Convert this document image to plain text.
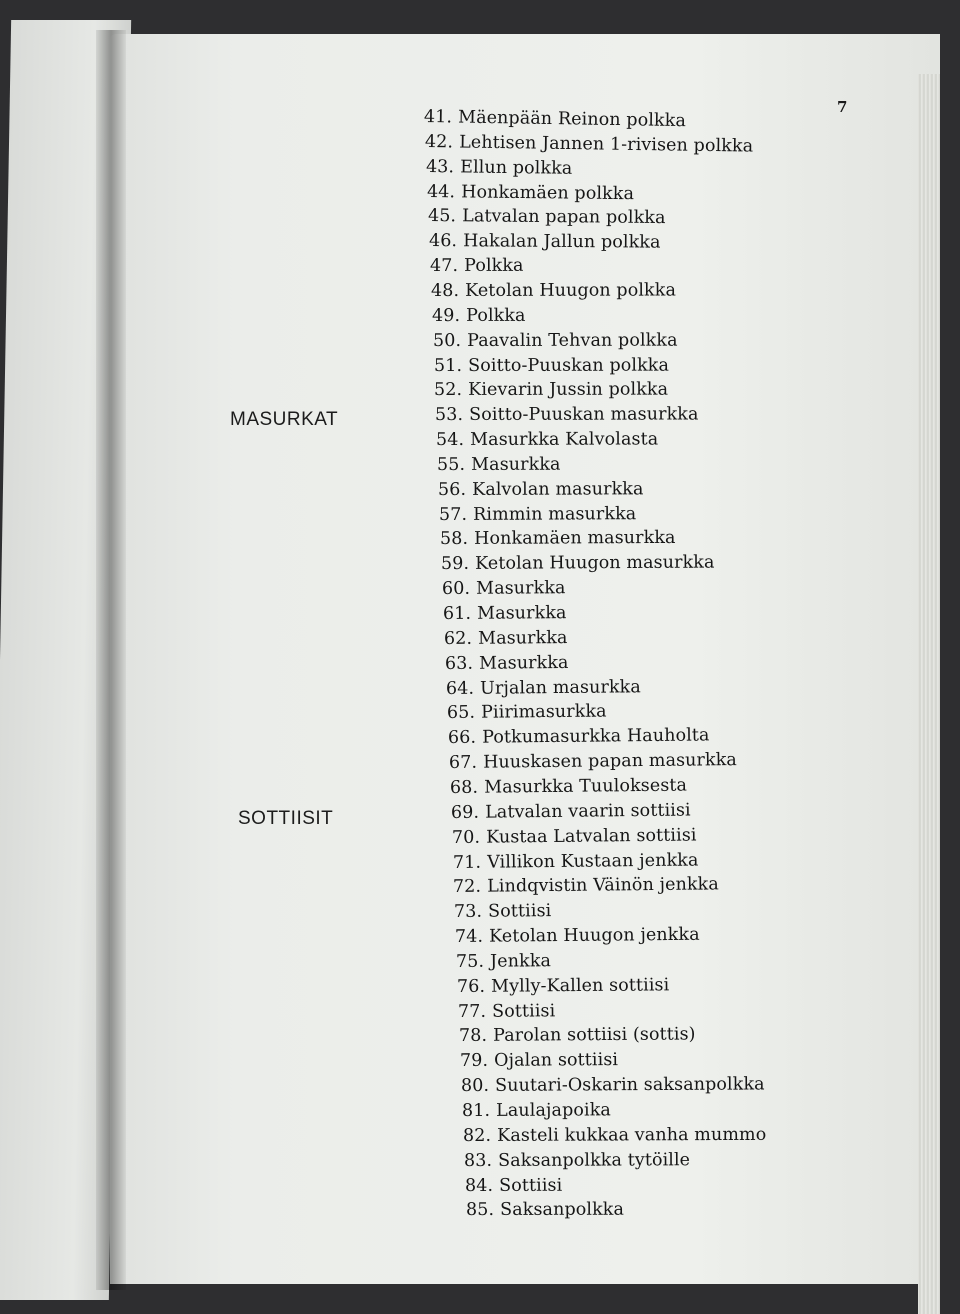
7
MASURKAT
SOTTIISIT
41. Mäenpään Reinon polkka
42. Lehtisen Jannen 1-rivisen polkka
43. Ellun polkka
44. Honkamäen polkka
45. Latvalan papan polkka
46. Hakalan Jallun polkka
47. Polkka
48. Ketolan Huugon polkka
49. Polkka
50. Paavalin Tehvan polkka
51. Soitto-Puuskan polkka
52. Kievarin Jussin polkka
53. Soitto-Puuskan masurkka
54. Masurkka Kalvolasta
55. Masurkka
56. Kalvolan masurkka
57. Rimmin masurkka
58. Honkamäen masurkka
59. Ketolan Huugon masurkka
60. Masurkka
61. Masurkka
62. Masurkka
63. Masurkka
64. Urjalan masurkka
65. Piirimasurkka
66. Potkumasurkka Hauholta
67. Huuskasen papan masurkka
68. Masurkka Tuuloksesta
69. Latvalan vaarin sottiisi
70. Kustaa Latvalan sottiisi
71. Villikon Kustaan jenkka
72. Lindqvistin Väinön jenkka
73. Sottiisi
74. Ketolan Huugon jenkka
75. Jenkka
76. Mylly-Kallen sottiisi
77. Sottiisi
78. Parolan sottiisi (sottis)
79. Ojalan sottiisi
80. Suutari-Oskarin saksanpolkka
81. Laulajapoika
82. Kasteli kukkaa vanha mummo
83. Saksanpolkka tytöille
84. Sottiisi
85. Saksanpolkka
